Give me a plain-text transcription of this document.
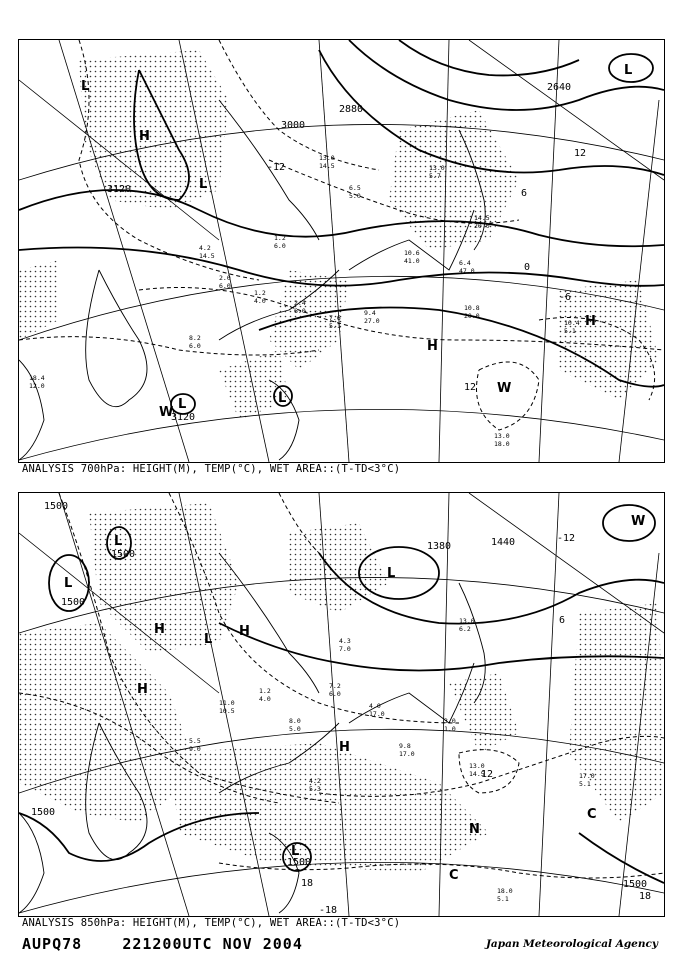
4.2
14.5
2.0
6.0
1.2
4.0	2.4
6.0
7.6
5.1
9.4
27.0
10.6
41.0	6.4
47.0
14.5
20.0
10.8
20.0
10.4
5.1
13.0
18.0
18.4
12.0
13.0
14.5
6.5
5.0
13.0
5.7
1.2
6.0
8.2
6.0
3120
3000
2880
2640
3120
12
6
0
-6
-12
12
L
H
L
L
H
H
L
W
W
L
ANALYSIS 700hPa: HEIGHT(M), TEMP(°C), WET AREA::(T-TD<3°C)
11.0
10.5
1.2
4.0
8.0
5.0
7.2
6.0
4.0
17.0
9.8
17.0
3.0
1.0
13.0
14.5
18.0
5.1
17.0
5.1
5.5
9.0
4.3
7.0
13.0
6.2
4.2
5.3
1500
1500
1500
1500
1500
1500
1380	1440
12
18
18
-12
-18
6
L
L
H	H
H
L
L
H
L
W
C
C
N
ANALYSIS 850hPa: HEIGHT(M), TEMP(°C), WET AREA::(T-TD<3°C)
AUPQ78	221200UTC NOV 2004	Japan Meteorological Agency
